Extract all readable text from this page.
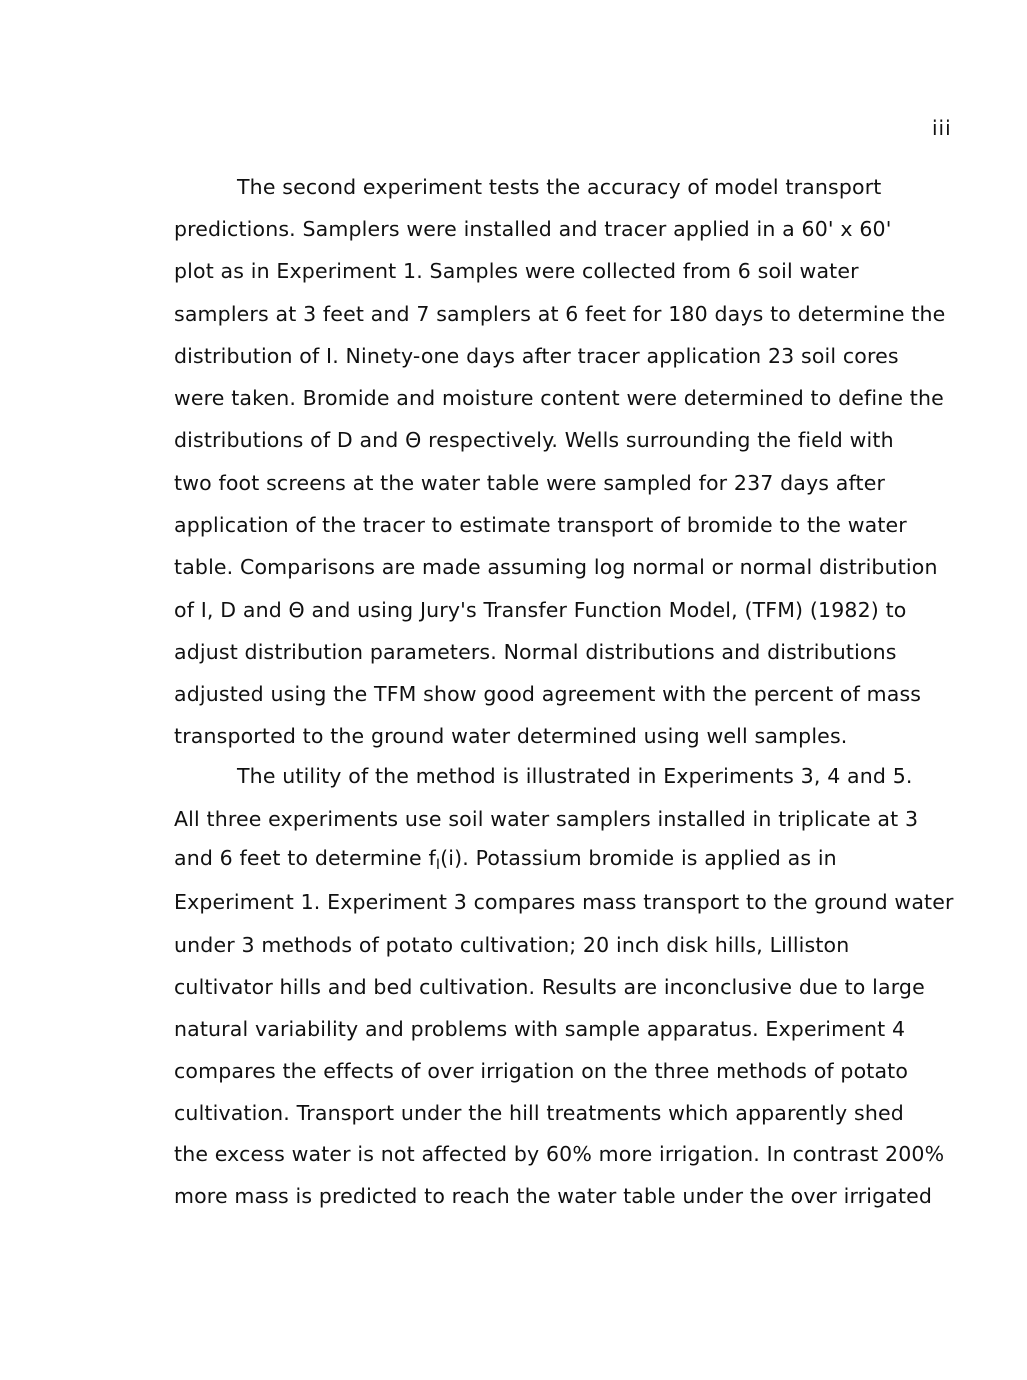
iii
The second experiment tests the accuracy of model transport
predictions. Samplers were installed and tracer applied in a 60' x 60'
plot as in Experiment 1. Samples were collected from 6 soil water
samplers at 3 feet and 7 samplers at 6 feet for 180 days to determine the
distribution of I. Ninety-one days after tracer application 23 soil cores
were taken. Bromide and moisture content were determined to define the
distributions of D and Θ respectively. Wells surrounding the field with
two foot screens at the water table were sampled for 237 days after
application of the tracer to estimate transport of bromide to the water
table. Comparisons are made assuming log normal or normal distribution
of I, D and Θ and using Jury's Transfer Function Model, (TFM) (1982) to
adjust distribution parameters. Normal distributions and distributions
adjusted using the TFM show good agreement with the percent of mass
transported to the ground water determined using well samples.
The utility of the method is illustrated in Experiments 3, 4 and 5.
All three experiments use soil water samplers installed in triplicate at 3
and 6 feet to determine $f_I(i)$. Potassium bromide is applied as in
Experiment 1. Experiment 3 compares mass transport to the ground water
under 3 methods of potato cultivation; 20 inch disk hills, Lilliston
cultivator hills and bed cultivation. Results are inconclusive due to large
natural variability and problems with sample apparatus. Experiment 4
compares the effects of over irrigation on the three methods of potato
cultivation. Transport under the hill treatments which apparently shed
the excess water is not affected by 60% more irrigation. In contrast 200%
more mass is predicted to reach the water table under the over irrigated
